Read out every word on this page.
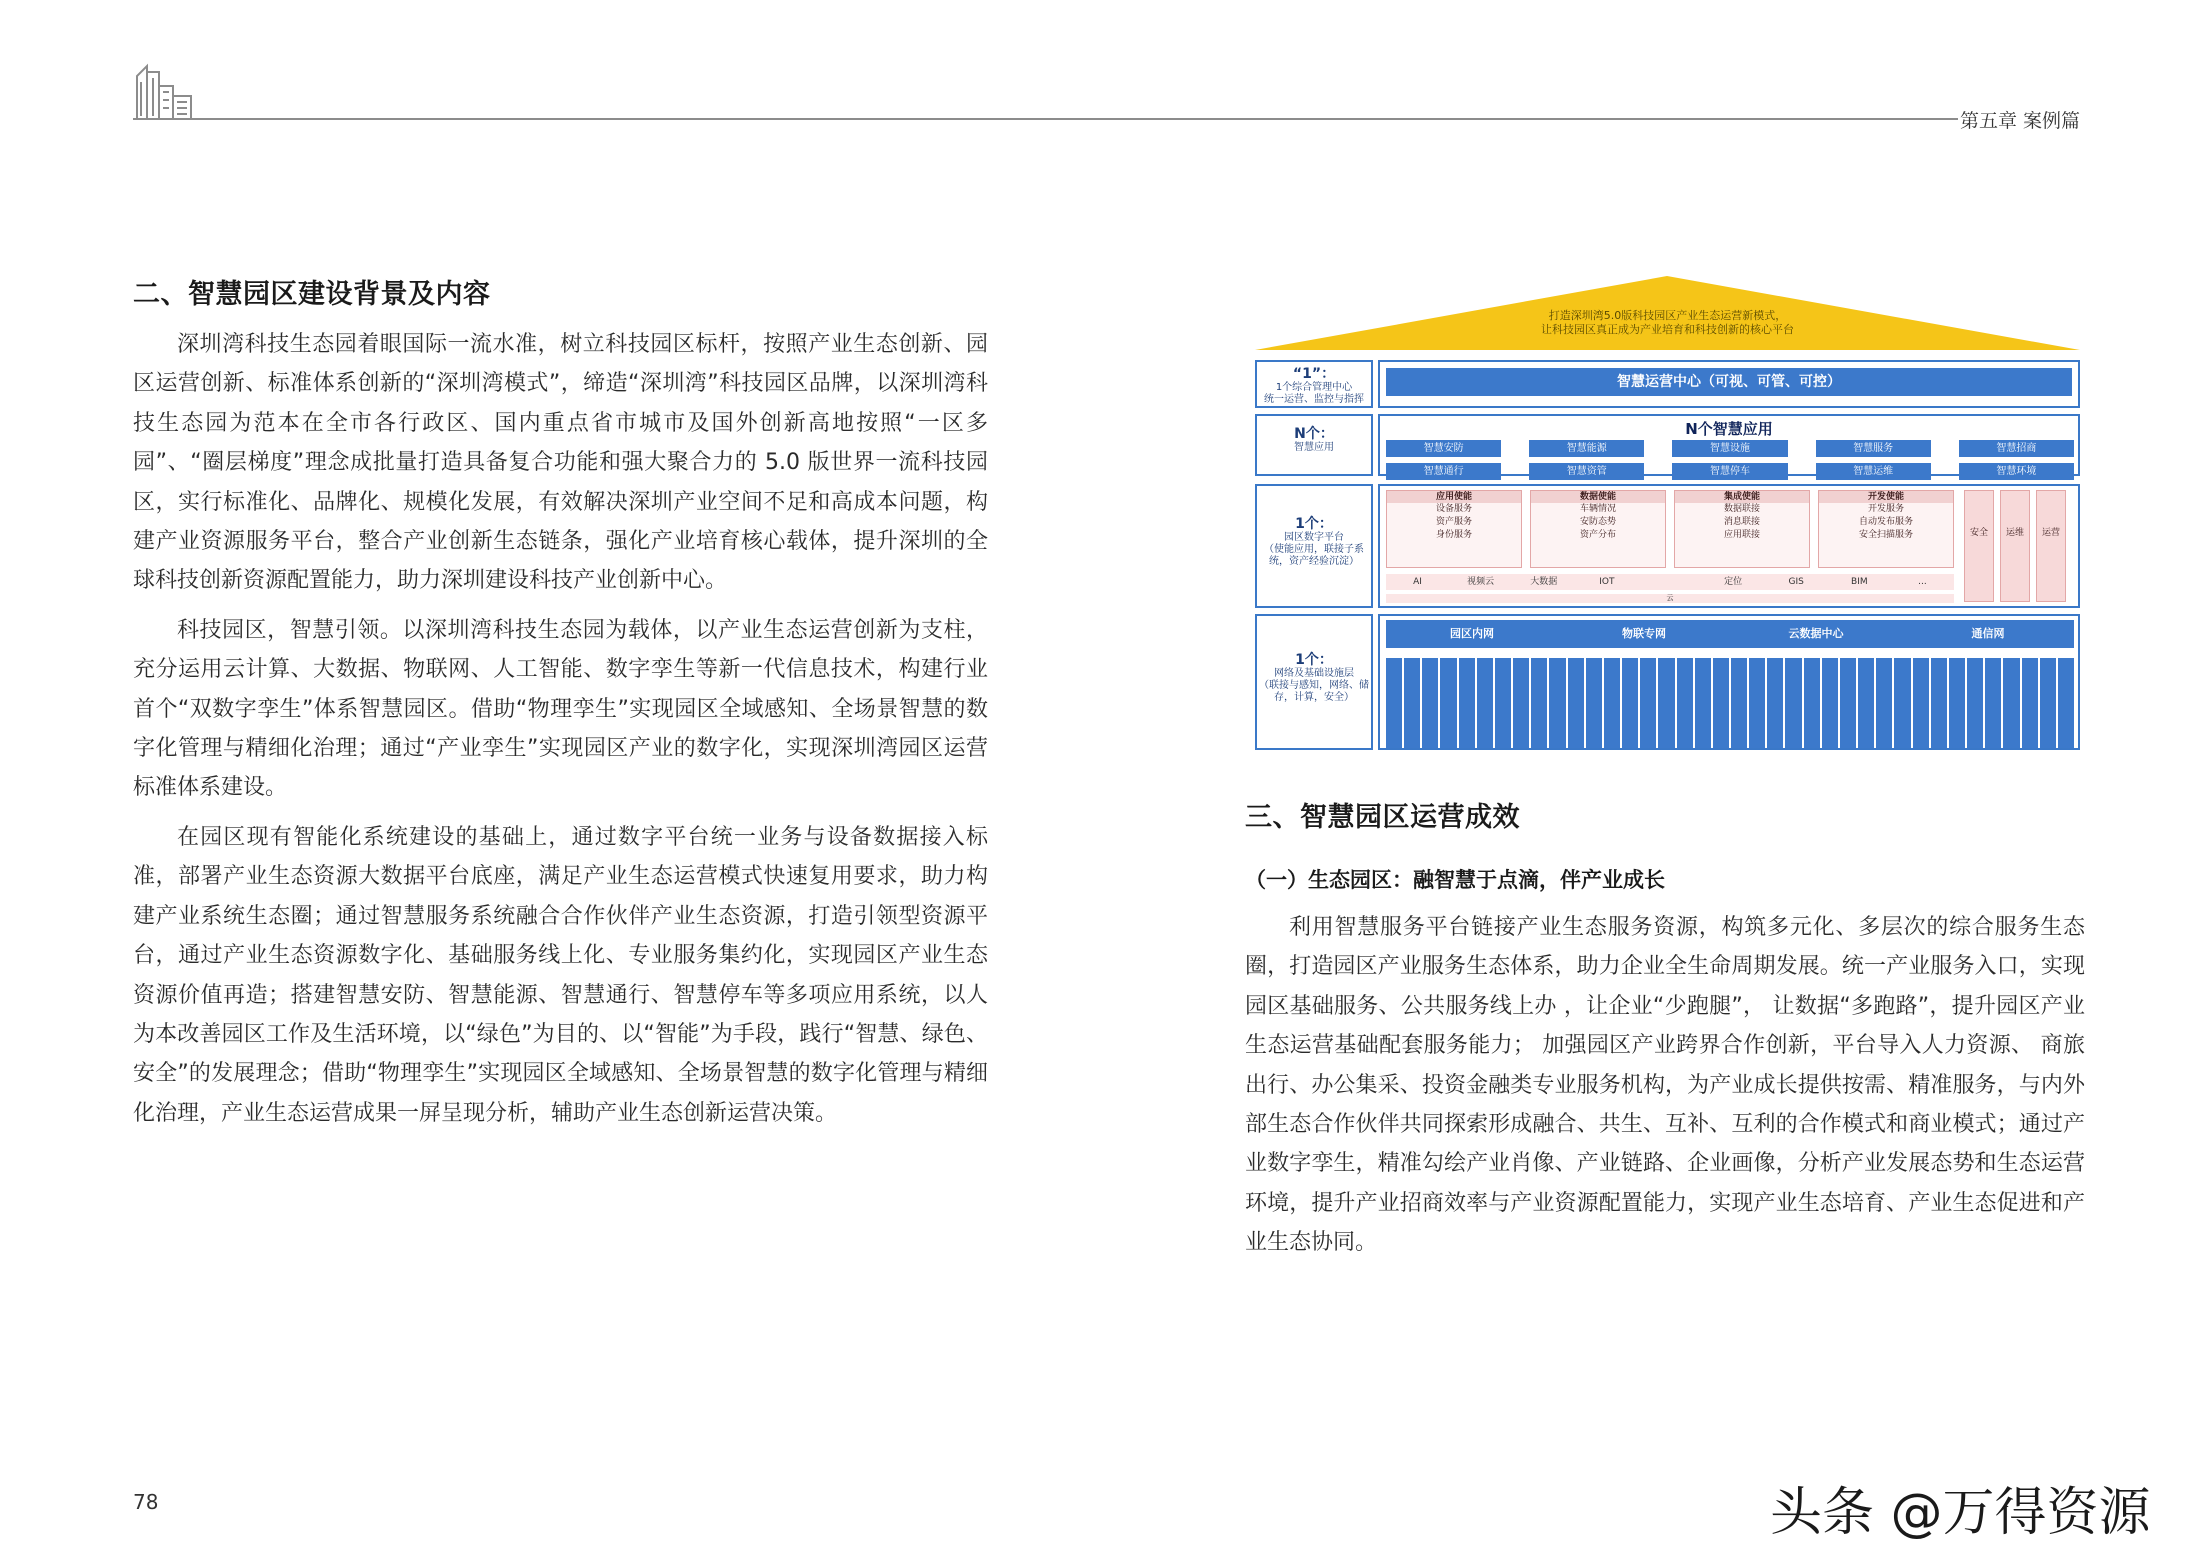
第五章 案例篇
二、智慧园区建设背景及内容

深圳湾科技生态园着眼国际一流水准，树立科技园区标杆，按照产业生态创新、园区运营创新、标准体系创新的“深圳湾模式”，缔造“深圳湾”科技园区品牌，以深圳湾科技生态园为范本在全市各行政区、国内重点省市城市及国外创新高地按照“一区多园”、“圈层梯度”理念成批量打造具备复合功能和强大聚合力的 5.0 版世界一流科技园区，实行标准化、品牌化、规模化发展，有效解决深圳产业空间不足和高成本问题，构建产业资源服务平台，整合产业创新生态链条，强化产业培育核心载体，提升深圳的全球科技创新资源配置能力，助力深圳建设科技产业创新中心。

科技园区，智慧引领。以深圳湾科技生态园为载体，以产业生态运营创新为支柱，充分运用云计算、大数据、物联网、人工智能、数字孪生等新一代信息技术，构建行业首个“双数字孪生”体系智慧园区。借助“物理孪生”实现园区全域感知、全场景智慧的数字化管理与精细化治理；通过“产业孪生”实现园区产业的数字化，实现深圳湾园区运营标准体系建设。

在园区现有智能化系统建设的基础上，通过数字平台统一业务与设备数据接入标准，部署产业生态资源大数据平台底座，满足产业生态运营模式快速复用要求，助力构建产业系统生态圈；通过智慧服务系统融合合作伙伴产业生态资源，打造引领型资源平台，通过产业生态资源数字化、基础服务线上化、专业服务集约化，实现园区产业生态资源价值再造；搭建智慧安防、智慧能源、智慧通行、智慧停车等多项应用系统，以人为本改善园区工作及生活环境，以“绿色”为目的、以“智能”为手段，践行“智慧、绿色、安全”的发展理念；借助“物理孪生”实现园区全域感知、全场景智慧的数字化管理与精细化治理，产业生态运营成果一屏呈现分析，辅助产业生态创新运营决策。

打造深圳湾5.0版科技园区产业生态运营新模式，
让科技园区真正成为产业培育和科技创新的核心平台
“1”：
1个综合管理中心
统一运营、监控与指挥
智慧运营中心（可视、可管、可控）
N个：
智慧应用
N个智慧应用
智慧安防	智慧能源	智慧设施	智慧服务	智慧招商
智慧通行	智慧资管	智慧停车	智慧运维	智慧环境
1个：
园区数字平台
（使能应用，联接子系统，资产经验沉淀）
应用使能
设备服务
资产服务
身份服务
数据使能
车辆情况
安防态势
资产分布
集成使能
数据联接
消息联接
应用联接
开发使能
开发服务
自动发布服务
安全扫描服务
AI	视频云	大数据	IOT	定位	GIS	BIM	...
云
安全	运维	运营
1个：
网络及基础设施层
（联接与感知，网络、储存，计算，安全）
园区内网	物联专网	云数据中心	通信网
三、智慧园区运营成效
（一）生态园区：融智慧于点滴，伴产业成长

利用智慧服务平台链接产业生态服务资源，构筑多元化、多层次的综合服务生态圈，打造园区产业服务生态体系，助力企业全生命周期发展。统一产业服务入口，实现园区基础服务、公共服务线上办 ，让企业“少跑腿”， 让数据“多跑路”，提升园区产业生态运营基础配套服务能力； 加强园区产业跨界合作创新，平台导入人力资源、 商旅出行、办公集采、投资金融类专业服务机构，为产业成长提供按需、精准服务，与内外部生态合作伙伴共同探索形成融合、共生、互补、互利的合作模式和商业模式；通过产业数字孪生，精准勾绘产业肖像、产业链路、企业画像，分析产业发展态势和生态运营环境，提升产业招商效率与产业资源配置能力，实现产业生态培育、产业生态促进和产业生态协同。

78	头条 @万得资源
